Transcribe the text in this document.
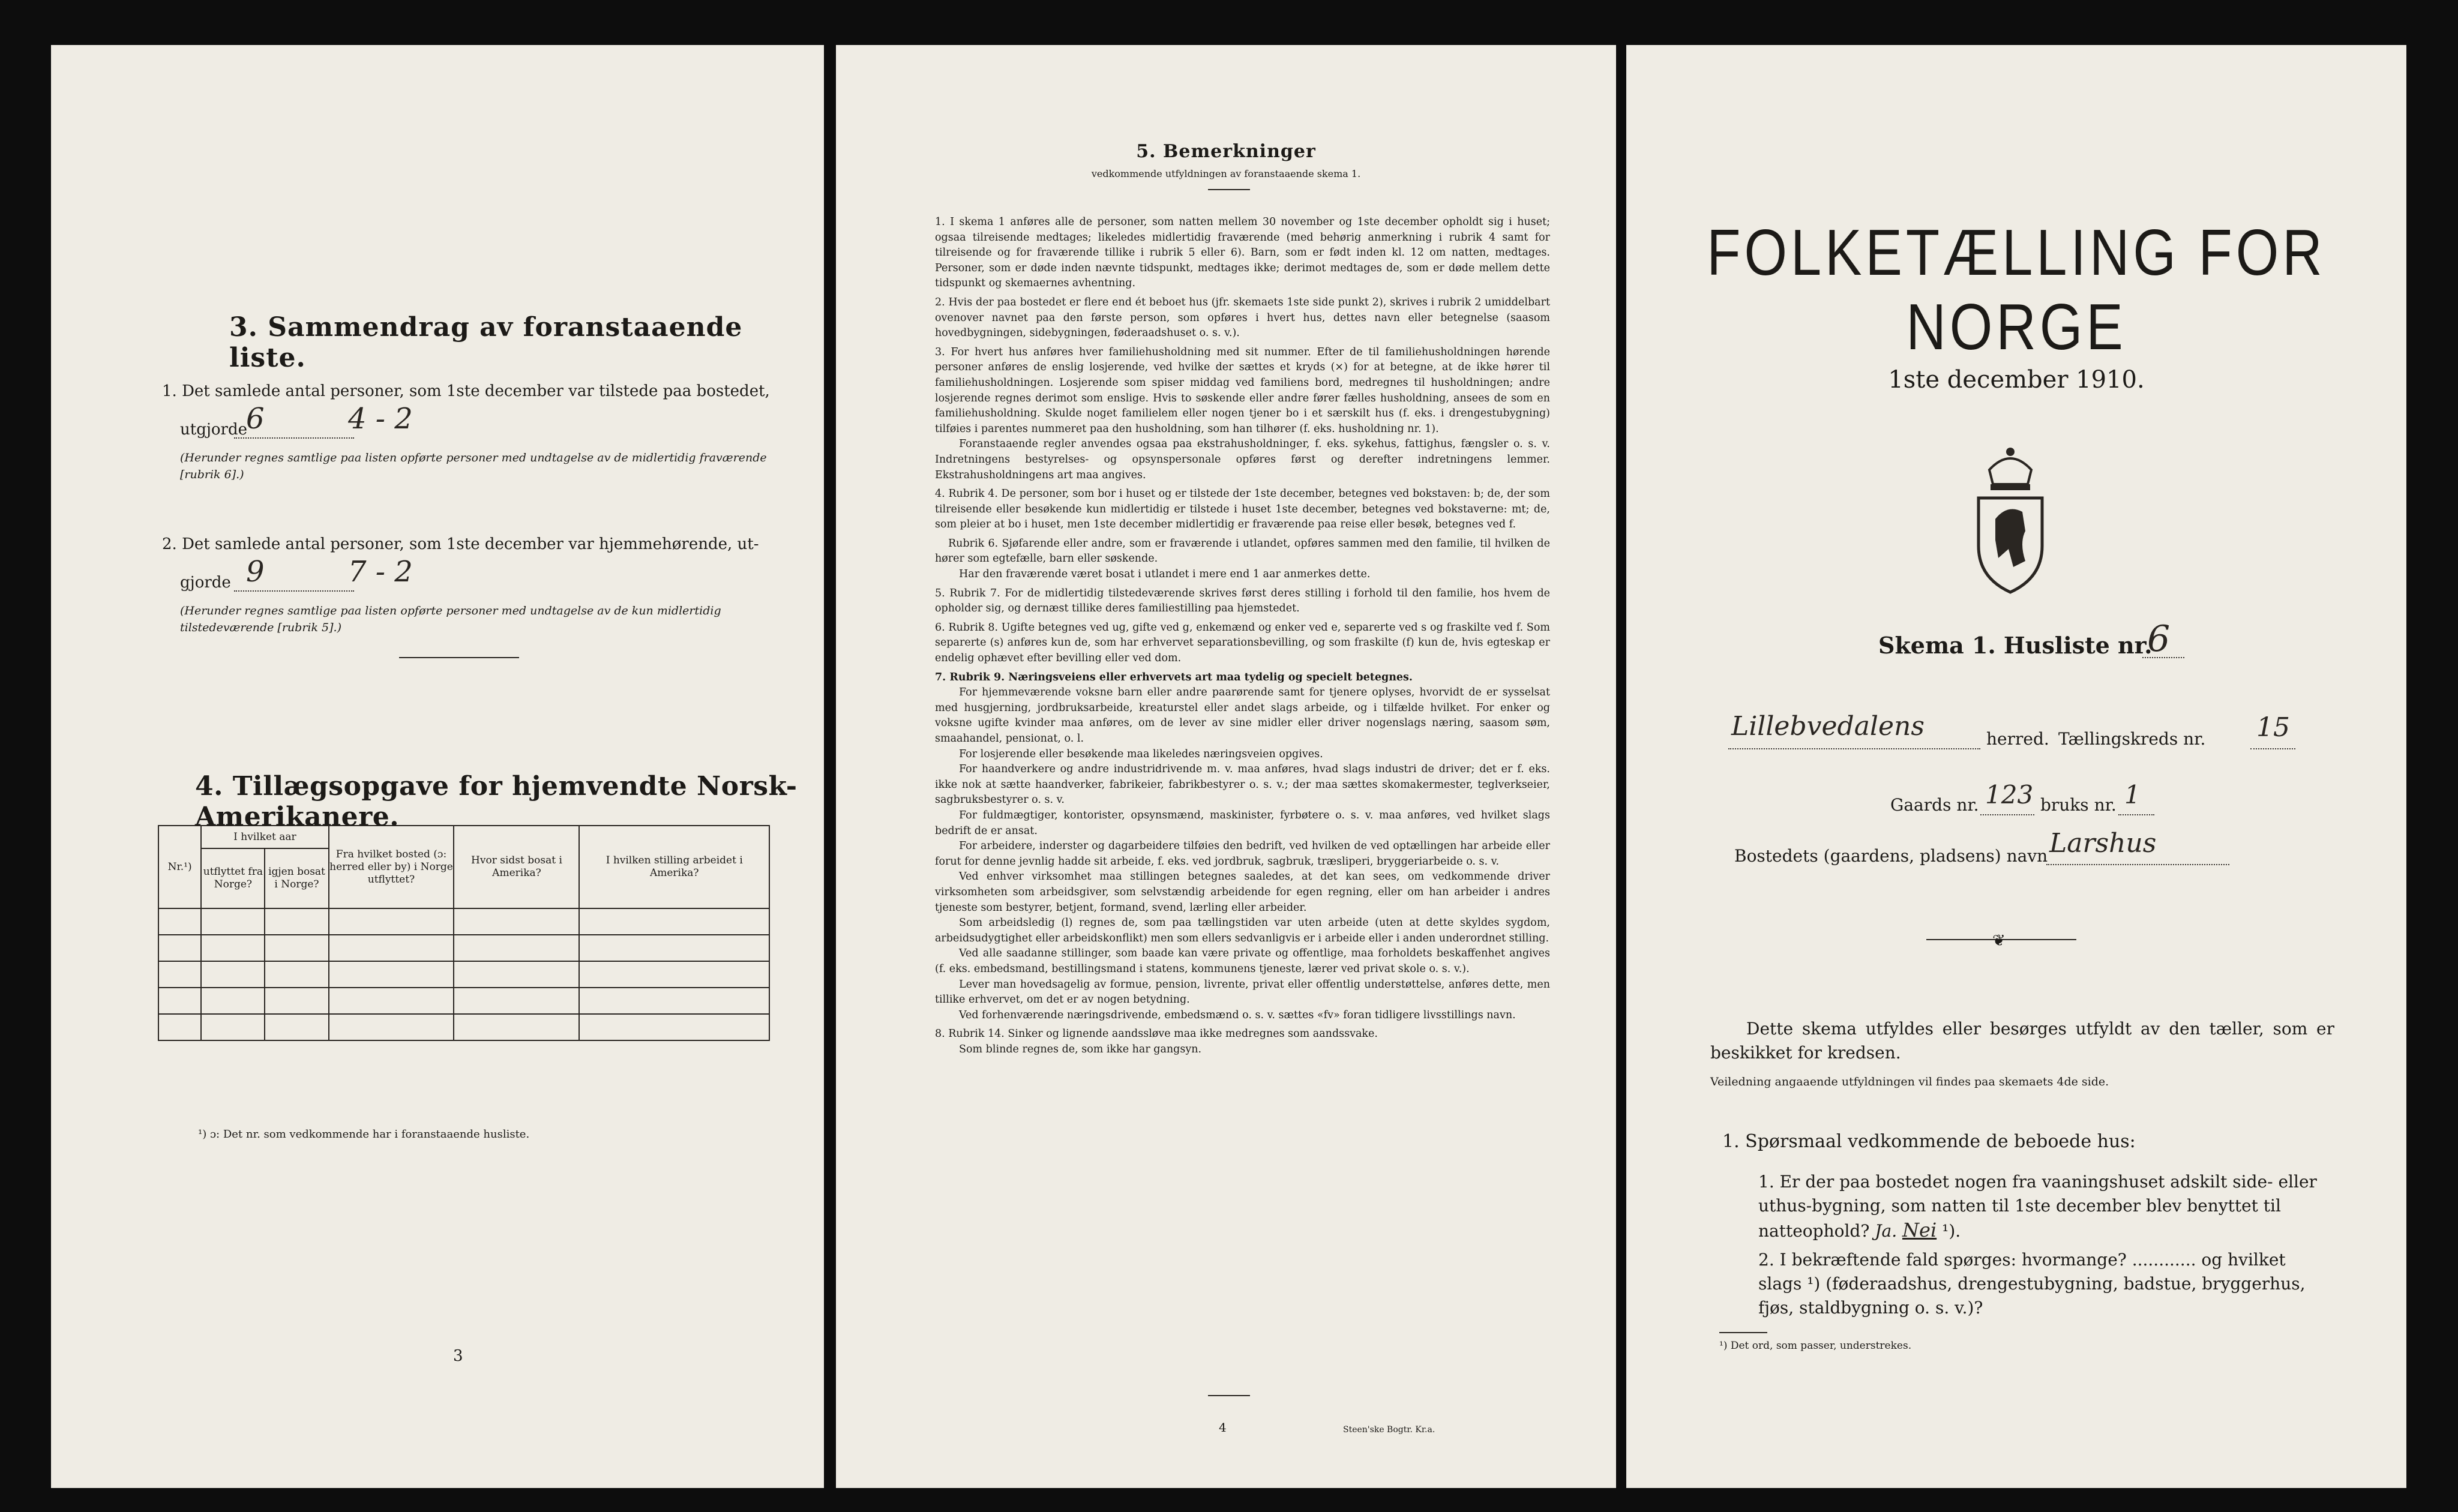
3. Sammendrag av foranstaaende liste.
1. Det samlede antal personer, som 1ste december var tilstede paa bostedet,
utgjorde
6	4 - 2
(Herunder regnes samtlige paa listen opførte personer med undtagelse av de midlertidig fraværende [rubrik 6].)
2. Det samlede antal personer, som 1ste december var hjemmehørende, ut-
gjorde 9	7 - 2
(Herunder regnes samtlige paa listen opførte personer med undtagelse av de kun midlertidig tilstedeværende [rubrik 5].)
4. Tillægsopgave for hjemvendte Norsk-Amerikanere.
Nr.¹)	I hvilket aar		Fra hvilket bosted (ɔ: herred eller by) i Norge utflyttet?	Hvor sidst bosat i Amerika?	I hvilken stilling arbeidet i Amerika?
	utflyttet fra Norge?	igjen bosat i Norge?			

¹) ɔ: Det nr. som vedkommende har i foranstaaende husliste.
3
5. Bemerkninger
vedkommende utfyldningen av foranstaaende skema 1.

1. I skema 1 anføres alle de personer, som natten mellem 30 november og 1ste december opholdt sig i huset; ogsaa tilreisende medtages; likeledes midlertidig fraværende (med behørig anmerkning i rubrik 4 samt for tilreisende og for fraværende tillike i rubrik 5 eller 6). Barn, som er født inden kl. 12 om natten, medtages. Personer, som er døde inden nævnte tidspunkt, medtages ikke; derimot medtages de, som er døde mellem dette tidspunkt og skemaernes avhentning.

2. Hvis der paa bostedet er flere end ét beboet hus (jfr. skemaets 1ste side punkt 2), skrives i rubrik 2 umiddelbart ovenover navnet paa den første person, som opføres i hvert hus, dettes navn eller betegnelse (saasom hovedbygningen, sidebygningen, føderaadshuset o. s. v.).

3. For hvert hus anføres hver familiehusholdning med sit nummer. Efter de til familiehusholdningen hørende personer anføres de enslig losjerende, ved hvilke der sættes et kryds (×) for at betegne, at de ikke hører til familiehusholdningen. Losjerende som spiser middag ved familiens bord, medregnes til husholdningen; andre losjerende regnes derimot som enslige. Hvis to søskende eller andre fører fælles husholdning, ansees de som en familiehusholdning. Skulde noget familielem eller nogen tjener bo i et særskilt hus (f. eks. i drengestubygning) tilføies i parentes nummeret paa den husholdning, som han tilhører (f. eks. husholdning nr. 1).

Foranstaaende regler anvendes ogsaa paa ekstrahusholdninger, f. eks. sykehus, fattighus, fængsler o. s. v. Indretningens bestyrelses- og opsynspersonale opføres først og derefter indretningens lemmer. Ekstrahusholdningens art maa angives.

4. Rubrik 4. De personer, som bor i huset og er tilstede der 1ste december, betegnes ved bokstaven: b; de, der som tilreisende eller besøkende kun midlertidig er tilstede i huset 1ste december, betegnes ved bokstaverne: mt; de, som pleier at bo i huset, men 1ste december midlertidig er fraværende paa reise eller besøk, betegnes ved f.

Rubrik 6. Sjøfarende eller andre, som er fraværende i utlandet, opføres sammen med den familie, til hvilken de hører som egtefælle, barn eller søskende.

Har den fraværende været bosat i utlandet i mere end 1 aar anmerkes dette.

5. Rubrik 7. For de midlertidig tilstedeværende skrives først deres stilling i forhold til den familie, hos hvem de opholder sig, og dernæst tillike deres familiestilling paa hjemstedet.

6. Rubrik 8. Ugifte betegnes ved ug, gifte ved g, enkemænd og enker ved e, separerte ved s og fraskilte ved f. Som separerte (s) anføres kun de, som har erhvervet separationsbevilling, og som fraskilte (f) kun de, hvis egteskap er endelig ophævet efter bevilling eller ved dom.

7. Rubrik 9. Næringsveiens eller erhvervets art maa tydelig og specielt betegnes.

For hjemmeværende voksne barn eller andre paarørende samt for tjenere oplyses, hvorvidt de er sysselsat med husgjerning, jordbruksarbeide, kreaturstel eller andet slags arbeide, og i tilfælde hvilket. For enker og voksne ugifte kvinder maa anføres, om de lever av sine midler eller driver nogenslags næring, saasom søm, smaahandel, pensionat, o. l.

For losjerende eller besøkende maa likeledes næringsveien opgives.

For haandverkere og andre industridrivende m. v. maa anføres, hvad slags industri de driver; det er f. eks. ikke nok at sætte haandverker, fabrikeier, fabrikbestyrer o. s. v.; der maa sættes skomakermester, teglverkseier, sagbruksbestyrer o. s. v.

For fuldmægtiger, kontorister, opsynsmænd, maskinister, fyrbøtere o. s. v. maa anføres, ved hvilket slags bedrift de er ansat.

For arbeidere, inderster og dagarbeidere tilføies den bedrift, ved hvilken de ved optællingen har arbeide eller forut for denne jevnlig hadde sit arbeide, f. eks. ved jordbruk, sagbruk, træsliperi, bryggeriarbeide o. s. v.

Ved enhver virksomhet maa stillingen betegnes saaledes, at det kan sees, om vedkommende driver virksomheten som arbeidsgiver, som selvstændig arbeidende for egen regning, eller om han arbeider i andres tjeneste som bestyrer, betjent, formand, svend, lærling eller arbeider.

Som arbeidsledig (l) regnes de, som paa tællingstiden var uten arbeide (uten at dette skyldes sygdom, arbeidsudygtighet eller arbeidskonflikt) men som ellers sedvanligvis er i arbeide eller i anden underordnet stilling.

Ved alle saadanne stillinger, som baade kan være private og offentlige, maa forholdets beskaffenhet angives (f. eks. embedsmand, bestillingsmand i statens, kommunens tjeneste, lærer ved privat skole o. s. v.).

Lever man hovedsagelig av formue, pension, livrente, privat eller offentlig understøttelse, anføres dette, men tillike erhvervet, om det er av nogen betydning.

Ved forhenværende næringsdrivende, embedsmænd o. s. v. sættes «fv» foran tidligere livsstillings navn.

8. Rubrik 14. Sinker og lignende aandssløve maa ikke medregnes som aandssvake.

Som blinde regnes de, som ikke har gangsyn.

4	Steen'ske Bogtr. Kr.a.
FOLKETÆLLING FOR NORGE
1ste december 1910.
Skema 1. Husliste nr.
6
Lillebvedalens	herred. Tællingskreds nr. 15
Gaards nr. 123 bruks nr. 1
Bostedets (gaardens, pladsens) navn Larshus
❦
Dette skema utfyldes eller besørges utfyldt av den tæller, som er beskikket for kredsen.
Veiledning angaaende utfyldningen vil findes paa skemaets 4de side.
1. Spørsmaal vedkommende de beboede hus:
1. Er der paa bostedet nogen fra vaaningshuset adskilt side- eller uthus-bygning, som natten til 1ste december blev benyttet til natteophold? Ja. Nei ¹).
2. I bekræftende fald spørges: hvormange? ............ og hvilket slags ¹) (føderaadshus, drengestubygning, badstue, bryggerhus, fjøs, staldbygning o. s. v.)?
¹) Det ord, som passer, understrekes.
